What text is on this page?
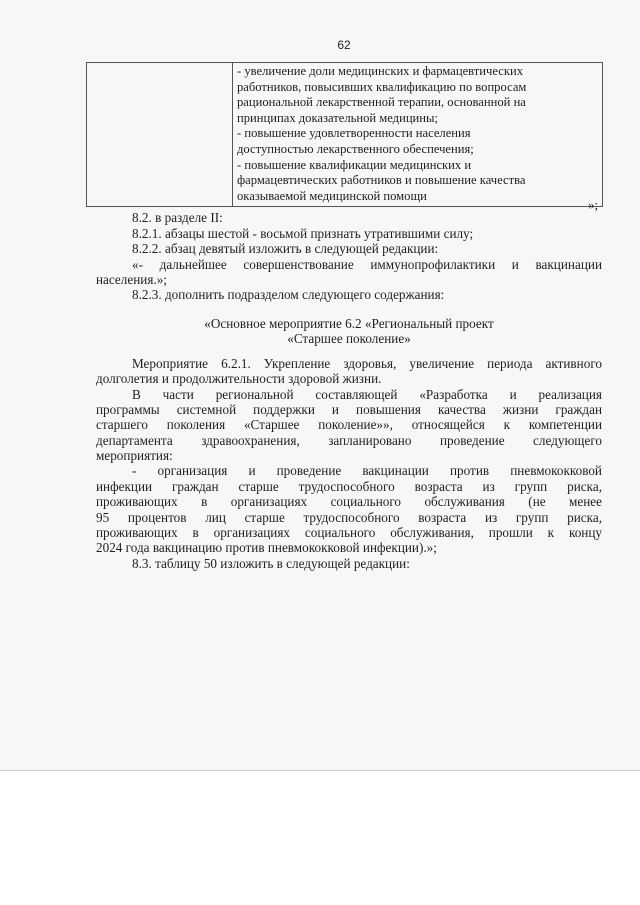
62

- увеличение доли медицинских и фармацевтических
работников, повысивших квалификацию по вопросам
рациональной лекарственной терапии, основанной на
принципах доказательной медицины;
- повышение удовлетворенности населения
доступностью лекарственного обеспечения;
- повышение квалификации медицинских и
фармацевтических работников и повышение качества
оказываемой медицинской помощи
»;
8.2. в разделе II:
8.2.1. абзацы шестой - восьмой признать утратившими силу;
8.2.2. абзац девятый изложить в следующей редакции:
«- дальнейшее совершенствование иммунопрофилактики и вакцинации
населения.»;
8.2.3. дополнить подразделом следующего содержания:
«Основное мероприятие 6.2 «Региональный проект
«Старшее поколение»
Мероприятие 6.2.1. Укрепление здоровья, увеличение периода активного
долголетия и продолжительности здоровой жизни.
В части региональной составляющей «Разработка и реализация
программы системной поддержки и повышения качества жизни граждан
старшего поколения «Старшее поколение»», относящейся к компетенции
департамента здравоохранения, запланировано проведение следующего
мероприятия:
- организация и проведение вакцинации против пневмококковой
инфекции граждан старше трудоспособного возраста из групп риска,
проживающих в организациях социального обслуживания (не менее
95 процентов лиц старше трудоспособного возраста из групп риска,
проживающих в организациях социального обслуживания, прошли к концу
2024 года вакцинацию против пневмококковой инфекции).»;
8.3. таблицу 50 изложить в следующей редакции:
